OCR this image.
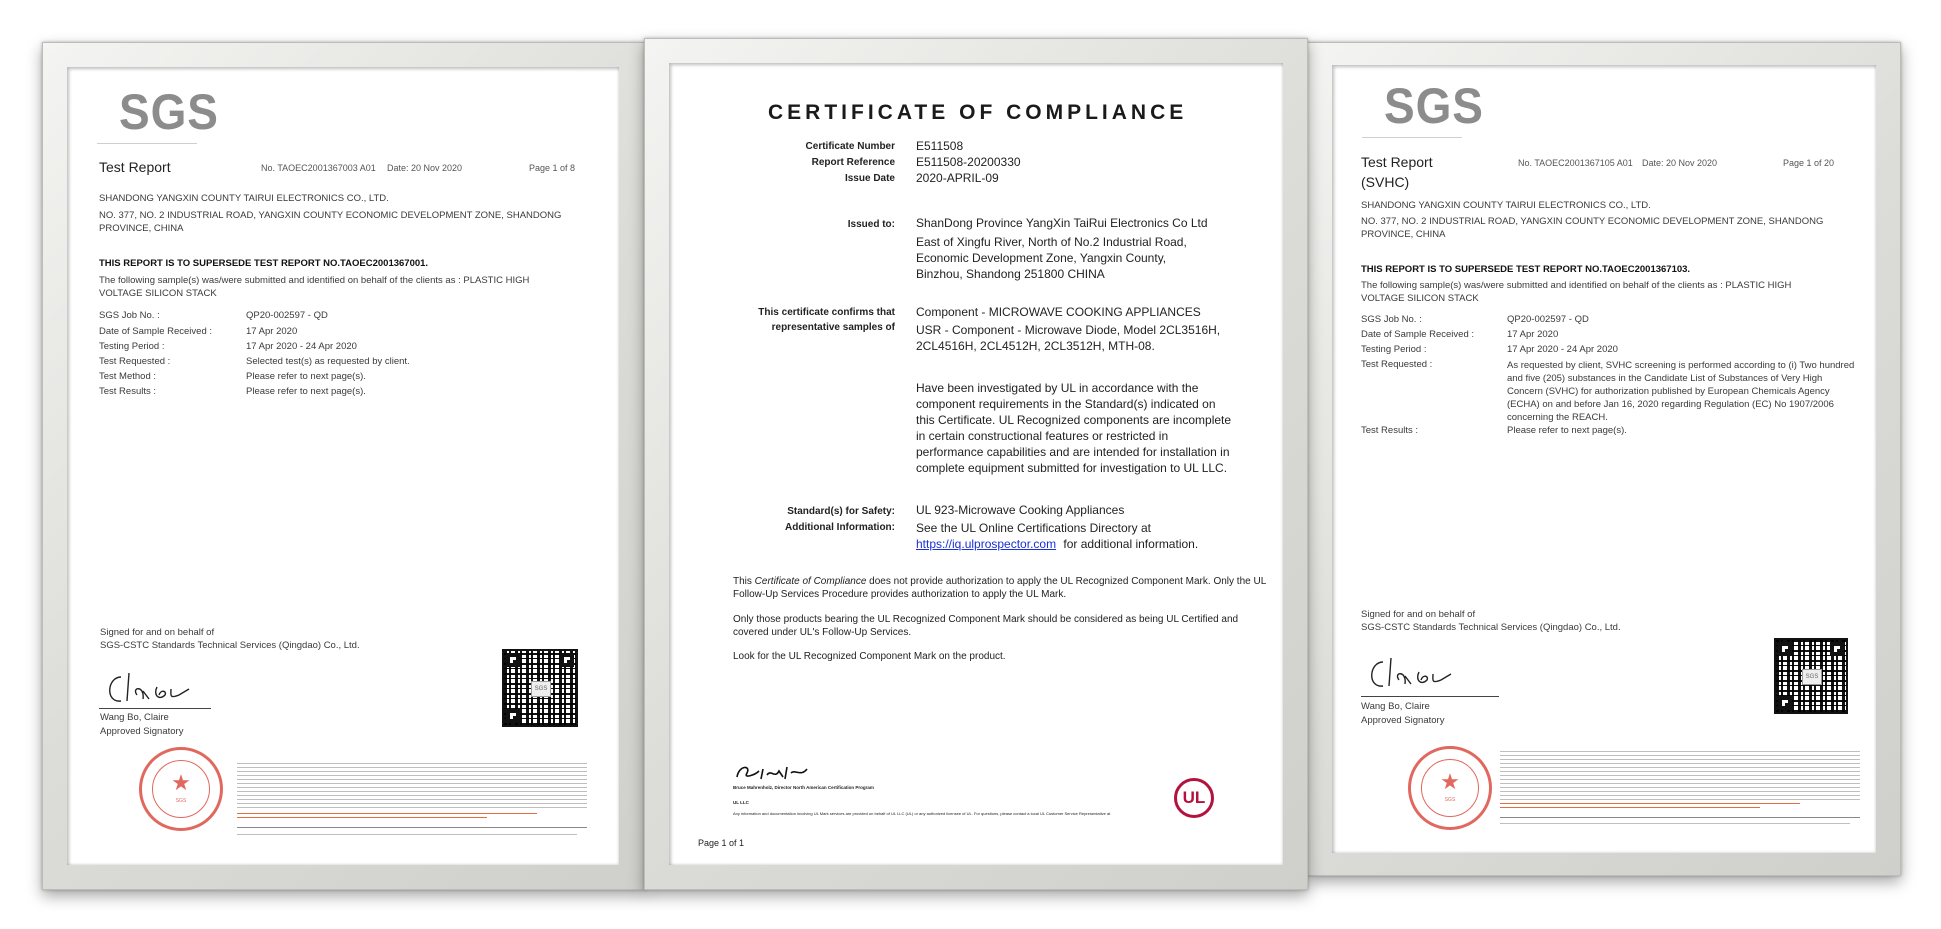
SGS
Test Report	No. TAOEC2001367003 A01 Date: 20 Nov 2020	Page 1 of 8
SHANDONG YANGXIN COUNTY TAIRUI ELECTRONICS CO., LTD.
NO. 377, NO. 2 INDUSTRIAL ROAD, YANGXIN COUNTY ECONOMIC DEVELOPMENT ZONE, SHANDONG PROVINCE, CHINA
THIS REPORT IS TO SUPERSEDE TEST REPORT NO.TAOEC2001367001.
The following sample(s) was/were submitted and identified on behalf of the clients as : PLASTIC HIGH VOLTAGE SILICON STACK
SGS Job No. :	QP20-002597 - QD
Date of Sample Received :	17 Apr 2020
Testing Period :	17 Apr 2020 - 24 Apr 2020
Test Requested :	Selected test(s) as requested by client.
Test Method :	Please refer to next page(s).
Test Results :	Please refer to next page(s).
Signed for and on behalf of
SGS-CSTC Standards Technical Services (Qingdao) Co., Ltd.
SGS
Wang Bo, Claire
Approved Signatory
★
SGS
SGS
Test Report
(SVHC)
No. TAOEC2001367105 A01 Date: 20 Nov 2020	Page 1 of 20
SHANDONG YANGXIN COUNTY TAIRUI ELECTRONICS CO., LTD.
NO. 377, NO. 2 INDUSTRIAL ROAD, YANGXIN COUNTY ECONOMIC DEVELOPMENT ZONE, SHANDONG PROVINCE, CHINA
THIS REPORT IS TO SUPERSEDE TEST REPORT NO.TAOEC2001367103.
The following sample(s) was/were submitted and identified on behalf of the clients as : PLASTIC HIGH VOLTAGE SILICON STACK
SGS Job No. :	QP20-002597 - QD
Date of Sample Received :	17 Apr 2020
Testing Period :	17 Apr 2020 - 24 Apr 2020
Test Requested :	As requested by client, SVHC screening is performed according to (i) Two hundred and five (205) substances in the Candidate List of Substances of Very High Concern (SVHC) for authorization published by European Chemicals Agency (ECHA) on and before Jan 16, 2020 regarding Regulation (EC) No 1907/2006 concerning the REACH.
Test Results :	Please refer to next page(s).
Signed for and on behalf of
SGS-CSTC Standards Technical Services (Qingdao) Co., Ltd.
SGS
Wang Bo, Claire
Approved Signatory
★
SGS
CERTIFICATE OF COMPLIANCE
Certificate Number E511508
Report Reference E511508-20200330
Issue Date 2020-APRIL-09
Issued to: ShanDong Province YangXin TaiRui Electronics Co Ltd
East of Xingfu River, North of No.2 Industrial Road,
Economic Development Zone, Yangxin County,
Binzhou, Shandong 251800 CHINA
This certificate confirms that
representative samples of
Component - MICROWAVE COOKING APPLIANCES
USR - Component - Microwave Diode, Model 2CL3516H,
2CL4516H, 2CL4512H, 2CL3512H, MTH-08.
Have been investigated by UL in accordance with the
component requirements in the Standard(s) indicated on
this Certificate. UL Recognized components are incomplete
in certain constructional features or restricted in
performance capabilities and are intended for installation in
complete equipment submitted for investigation to UL LLC.
Standard(s) for Safety: UL 923-Microwave Cooking Appliances
Additional Information: See the UL Online Certifications Directory at
https://iq.ulprospector.com for additional information.
This Certificate of Compliance does not provide authorization to apply the UL Recognized Component Mark. Only the UL Follow-Up Services Procedure provides authorization to apply the UL Mark.
Only those products bearing the UL Recognized Component Mark should be considered as being UL Certified and covered under UL's Follow-Up Services.
Look for the UL Recognized Component Mark on the product.
Bruce Mahrenholz, Director North American Certification Program
UL LLC
Any information and documentation involving UL Mark services are provided on behalf of UL LLC (UL) or any authorized licensee of UL. For questions, please contact a local UL Customer Service Representative at
UL
Page 1 of 1
